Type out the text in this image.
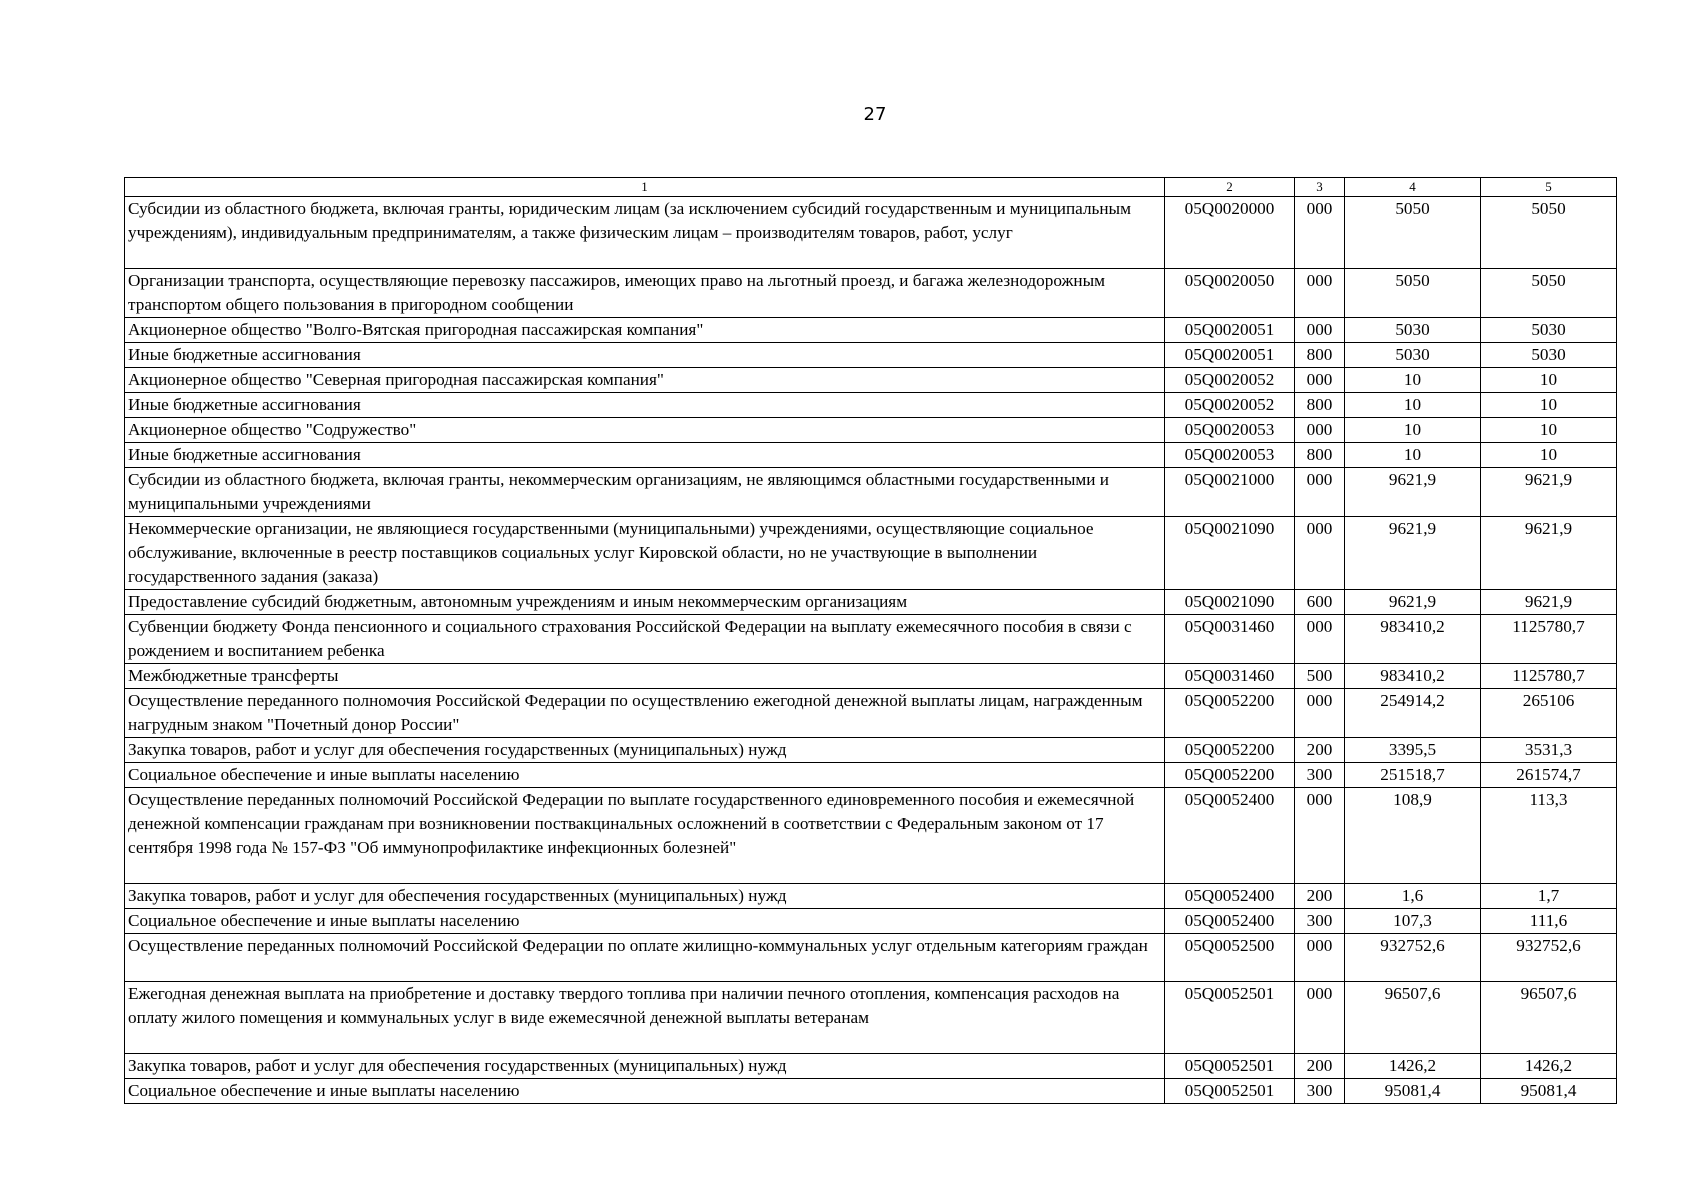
27
1	2	3	4	5
Субсидии из областного бюджета, включая гранты, юридическим лицам (за исключением субсидий государственным и муниципальным учреждениям), индивидуальным предпринимателям, а также физическим лицам – производителям товаров, работ, услуг	05Q0020000	000	5050	5050
Организации транспорта, осуществляющие перевозку пассажиров, имеющих право на льготный проезд, и багажа железнодорожным транспортом общего пользования в пригородном сообщении	05Q0020050	000	5050	5050
Акционерное общество "Волго-Вятская пригородная пассажирская компания"	05Q0020051	000	5030	5030
Иные бюджетные ассигнования	05Q0020051	800	5030	5030
Акционерное общество "Северная пригородная пассажирская компания"	05Q0020052	000	10	10
Иные бюджетные ассигнования	05Q0020052	800	10	10
Акционерное общество "Содружество"	05Q0020053	000	10	10
Иные бюджетные ассигнования	05Q0020053	800	10	10
Субсидии из областного бюджета, включая гранты, некоммерческим организациям, не являющимся областными государственными и муниципальными учреждениями	05Q0021000	000	9621,9	9621,9
Некоммерческие организации, не являющиеся государственными (муниципальными) учреждениями, осуществляющие социальное обслуживание, включенные в реестр поставщиков социальных услуг Кировской области, но не участвующие в выполнении государственного задания (заказа)	05Q0021090	000	9621,9	9621,9
Предоставление субсидий бюджетным, автономным учреждениям и иным некоммерческим организациям	05Q0021090	600	9621,9	9621,9
Субвенции бюджету Фонда пенсионного и социального страхования Российской Федерации на выплату ежемесячного пособия в связи с рождением и воспитанием ребенка	05Q0031460	000	983410,2	1125780,7
Межбюджетные трансферты	05Q0031460	500	983410,2	1125780,7
Осуществление переданного полномочия Российской Федерации по осуществлению ежегодной денежной выплаты лицам, награжденным нагрудным знаком "Почетный донор России"	05Q0052200	000	254914,2	265106
Закупка товаров, работ и услуг для обеспечения государственных (муниципальных) нужд	05Q0052200	200	3395,5	3531,3
Социальное обеспечение и иные выплаты населению	05Q0052200	300	251518,7	261574,7
Осуществление переданных полномочий Российской Федерации по выплате государственного единовременного пособия и ежемесячной денежной компенсации гражданам при возникновении поствакцинальных осложнений в соответствии с Федеральным законом от 17 сентября 1998 года № 157-ФЗ "Об иммунопрофилактике инфекционных болезней"	05Q0052400	000	108,9	113,3
Закупка товаров, работ и услуг для обеспечения государственных (муниципальных) нужд	05Q0052400	200	1,6	1,7
Социальное обеспечение и иные выплаты населению	05Q0052400	300	107,3	111,6
Осуществление переданных полномочий Российской Федерации по оплате жилищно-коммунальных услуг отдельным категориям граждан	05Q0052500	000	932752,6	932752,6
Ежегодная денежная выплата на приобретение и доставку твердого топлива при наличии печного отопления, компенсация расходов на оплату жилого помещения и коммунальных услуг в виде ежемесячной денежной выплаты ветеранам	05Q0052501	000	96507,6	96507,6
Закупка товаров, работ и услуг для обеспечения государственных (муниципальных) нужд	05Q0052501	200	1426,2	1426,2
Социальное обеспечение и иные выплаты населению	05Q0052501	300	95081,4	95081,4
